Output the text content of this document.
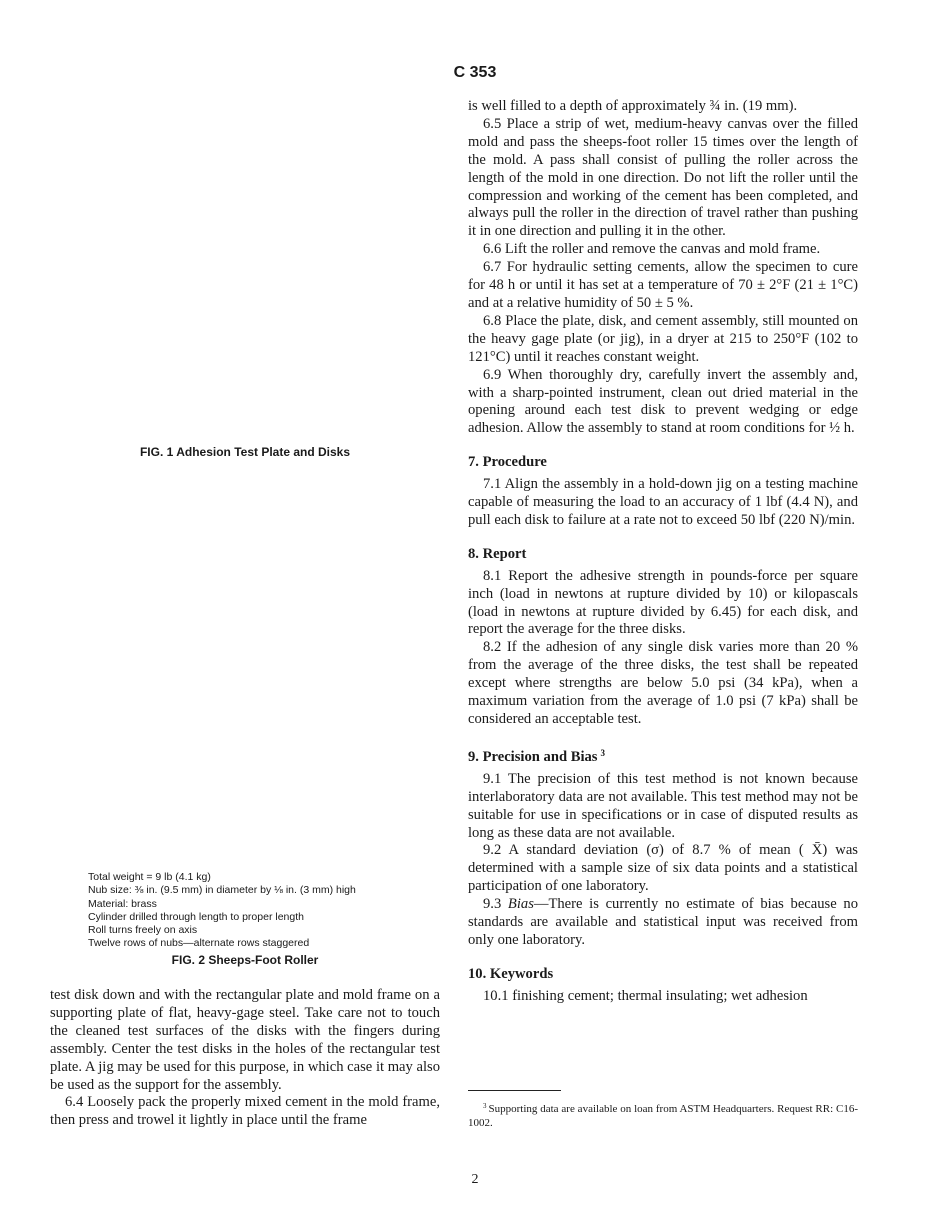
C 353

is well filled to a depth of approximately ¾ in. (19 mm).

6.5 Place a strip of wet, medium-heavy canvas over the filled mold and pass the sheeps-foot roller 15 times over the length of the mold. A pass shall consist of pulling the roller across the length of the mold in one direction. Do not lift the roller until the compression and working of the cement has been completed, and always pull the roller in the direction of travel rather than pushing it in one direction and pulling it in the other.

6.6 Lift the roller and remove the canvas and mold frame.

6.7 For hydraulic setting cements, allow the specimen to cure for 48 h or until it has set at a temperature of 70 ± 2°F (21 ± 1°C) and at a relative humidity of 50 ± 5 %.

6.8 Place the plate, disk, and cement assembly, still mounted on the heavy gage plate (or jig), in a dryer at 215 to 250°F (102 to 121°C) until it reaches constant weight.

6.9 When thoroughly dry, carefully invert the assembly and, with a sharp-pointed instrument, clean out dried material in the opening around each test disk to prevent wedging or edge adhesion. Allow the assembly to stand at room conditions for ½ h.

7. Procedure

7.1 Align the assembly in a hold-down jig on a testing machine capable of measuring the load to an accuracy of 1 lbf (4.4 N), and pull each disk to failure at a rate not to exceed 50 lbf (220 N)/min.

8. Report

8.1 Report the adhesive strength in pounds-force per square inch (load in newtons at rupture divided by 10) or kilopascals (load in newtons at rupture divided by 6.45) for each disk, and report the average for the three disks.

8.2 If the adhesion of any single disk varies more than 20 % from the average of the three disks, the test shall be repeated except where strengths are below 5.0 psi (34 kPa), when a maximum variation from the average of 1.0 psi (7 kPa) shall be considered an acceptable test.

9. Precision and Bias $^3$

9.1 The precision of this test method is not known because interlaboratory data are not available. This test method may not be suitable for use in specifications or in case of disputed results as long as these data are not available.

9.2 A standard deviation (σ) of 8.7 % of mean ( X̄) was determined with a sample size of six data points and a statistical participation of one laboratory.

9.3 Bias—There is currently no estimate of bias because no standards are available and statistical input was received from only one laboratory.

10. Keywords

10.1 finishing cement; thermal insulating; wet adhesion

FIG. 1 Adhesion Test Plate and Disks
Total weight = 9 lb (4.1 kg)
Nub size: ⅜ in. (9.5 mm) in diameter by ⅛ in. (3 mm) high
Material: brass
Cylinder drilled through length to proper length
Roll turns freely on axis
Twelve rows of nubs—alternate rows staggered
FIG. 2 Sheeps-Foot Roller

test disk down and with the rectangular plate and mold frame on a supporting plate of flat, heavy-gage steel. Take care not to touch the cleaned test surfaces of the disks with the fingers during assembly. Center the test disks in the holes of the rectangular test plate. A jig may be used for this purpose, in which case it may also be used as the support for the assembly.

6.4 Loosely pack the properly mixed cement in the mold frame, then press and trowel it lightly in place until the frame

$^3$ Supporting data are available on loan from ASTM Headquarters. Request RR: C16-1002.
2
